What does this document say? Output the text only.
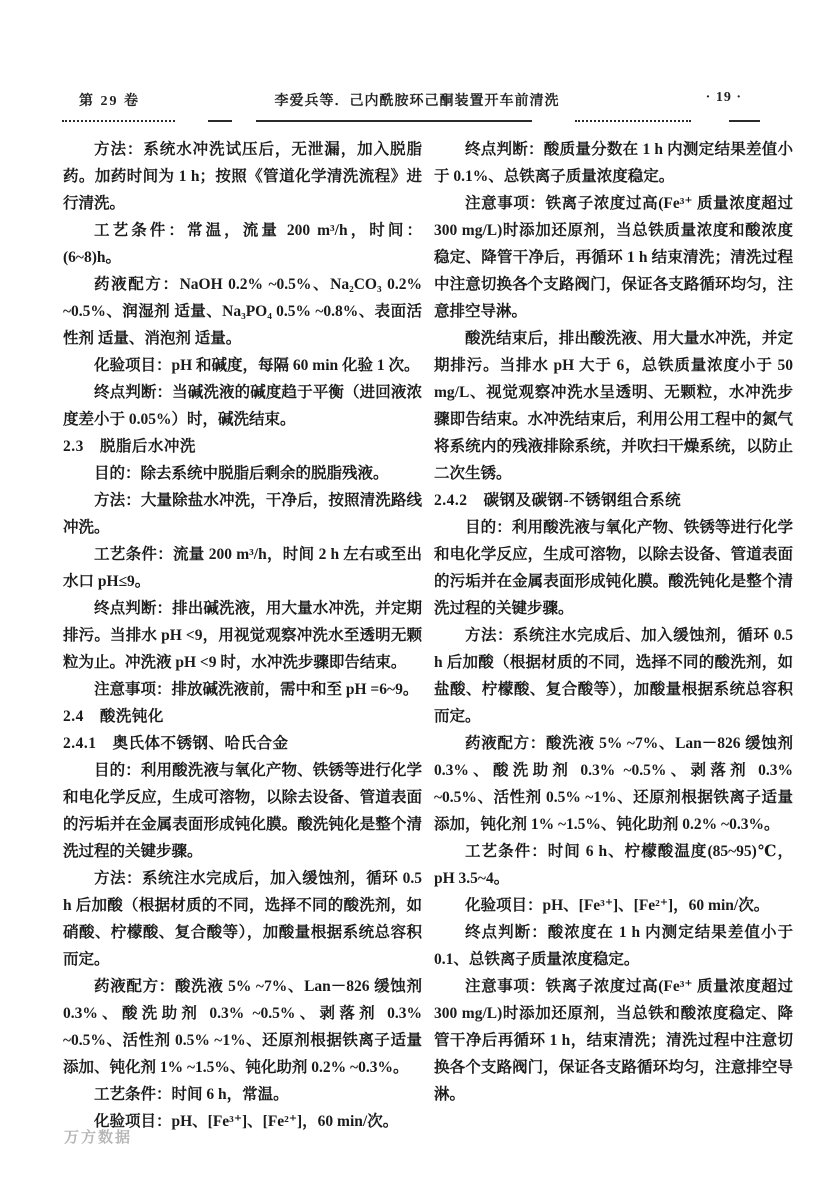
第 29 卷	李爱兵等．己内酰胺环己酮装置开车前清洗	· 19 ·
方法：系统水冲洗试压后，无泄漏，加入脱脂药。加药时间为 1 h；按照《管道化学清洗流程》进行清洗。
工艺条件：常温，流量 200 m³/h，时间：(6~8)h。
药液配方：NaOH 0.2% ~0.5%、Na₂CO₃ 0.2% ~0.5%、润湿剂 适量、Na₃PO₄ 0.5% ~0.8%、表面活性剂 适量、消泡剂 适量。
化验项目：pH 和碱度，每隔 60 min 化验 1 次。
终点判断：当碱洗液的碱度趋于平衡（进回液浓度差小于 0.05%）时，碱洗结束。
2.3　脱脂后水冲洗
目的：除去系统中脱脂后剩余的脱脂残液。
方法：大量除盐水冲洗，干净后，按照清洗路线冲洗。
工艺条件：流量 200 m³/h，时间 2 h 左右或至出水口 pH≤9。
终点判断：排出碱洗液，用大量水冲洗，并定期排污。当排水 pH <9，用视觉观察冲洗水至透明无颗粒为止。冲洗液 pH <9 时，水冲洗步骤即告结束。
注意事项：排放碱洗液前，需中和至 pH =6~9。
2.4　酸洗钝化
2.4.1　奥氏体不锈钢、哈氏合金
目的：利用酸洗液与氧化产物、铁锈等进行化学和电化学反应，生成可溶物，以除去设备、管道表面的污垢并在金属表面形成钝化膜。酸洗钝化是整个清洗过程的关键步骤。
方法：系统注水完成后，加入缓蚀剂，循环 0.5 h 后加酸（根据材质的不同，选择不同的酸洗剂，如硝酸、柠檬酸、复合酸等），加酸量根据系统总容积而定。
药液配方：酸洗液 5% ~7%、Lan－826 缓蚀剂 0.3%、酸洗助剂 0.3% ~0.5%、剥落剂 0.3% ~0.5%、活性剂 0.5% ~1%、还原剂根据铁离子适量添加、钝化剂 1% ~1.5%、钝化助剂 0.2% ~0.3%。
工艺条件：时间 6 h，常温。
化验项目：pH、[Fe³⁺]、[Fe²⁺]，60 min/次。
终点判断：酸质量分数在 1 h 内测定结果差值小于 0.1%、总铁离子质量浓度稳定。
注意事项：铁离子浓度过高(Fe³⁺ 质量浓度超过 300 mg/L)时添加还原剂，当总铁质量浓度和酸浓度稳定、降管干净后，再循环 1 h 结束清洗；清洗过程中注意切换各个支路阀门，保证各支路循环均匀，注意排空导淋。
酸洗结束后，排出酸洗液、用大量水冲洗，并定期排污。当排水 pH 大于 6，总铁质量浓度小于 50 mg/L、视觉观察冲洗水呈透明、无颗粒，水冲洗步骤即告结束。水冲洗结束后，利用公用工程中的氮气将系统内的残液排除系统，并吹扫干燥系统，以防止二次生锈。
2.4.2　碳钢及碳钢-不锈钢组合系统
目的：利用酸洗液与氧化产物、铁锈等进行化学和电化学反应，生成可溶物，以除去设备、管道表面的污垢并在金属表面形成钝化膜。酸洗钝化是整个清洗过程的关键步骤。
方法：系统注水完成后、加入缓蚀剂，循环 0.5 h 后加酸（根据材质的不同，选择不同的酸洗剂，如盐酸、柠檬酸、复合酸等），加酸量根据系统总容积而定。
药液配方：酸洗液 5% ~7%、Lan－826 缓蚀剂 0.3%、酸洗助剂 0.3% ~0.5%、剥落剂 0.3% ~0.5%、活性剂 0.5% ~1%、还原剂根据铁离子适量添加，钝化剂 1% ~1.5%、钝化助剂 0.2% ~0.3%。
工艺条件：时间 6 h、柠檬酸温度(85~95)℃，pH 3.5~4。
化验项目：pH、[Fe³⁺]、[Fe²⁺]，60 min/次。
终点判断：酸浓度在 1 h 内测定结果差值小于 0.1、总铁离子质量浓度稳定。
注意事项：铁离子浓度过高(Fe³⁺ 质量浓度超过 300 mg/L)时添加还原剂，当总铁和酸浓度稳定、降管干净后再循环 1 h，结束清洗；清洗过程中注意切换各个支路阀门，保证各支路循环均匀，注意排空导淋。
万方数据
